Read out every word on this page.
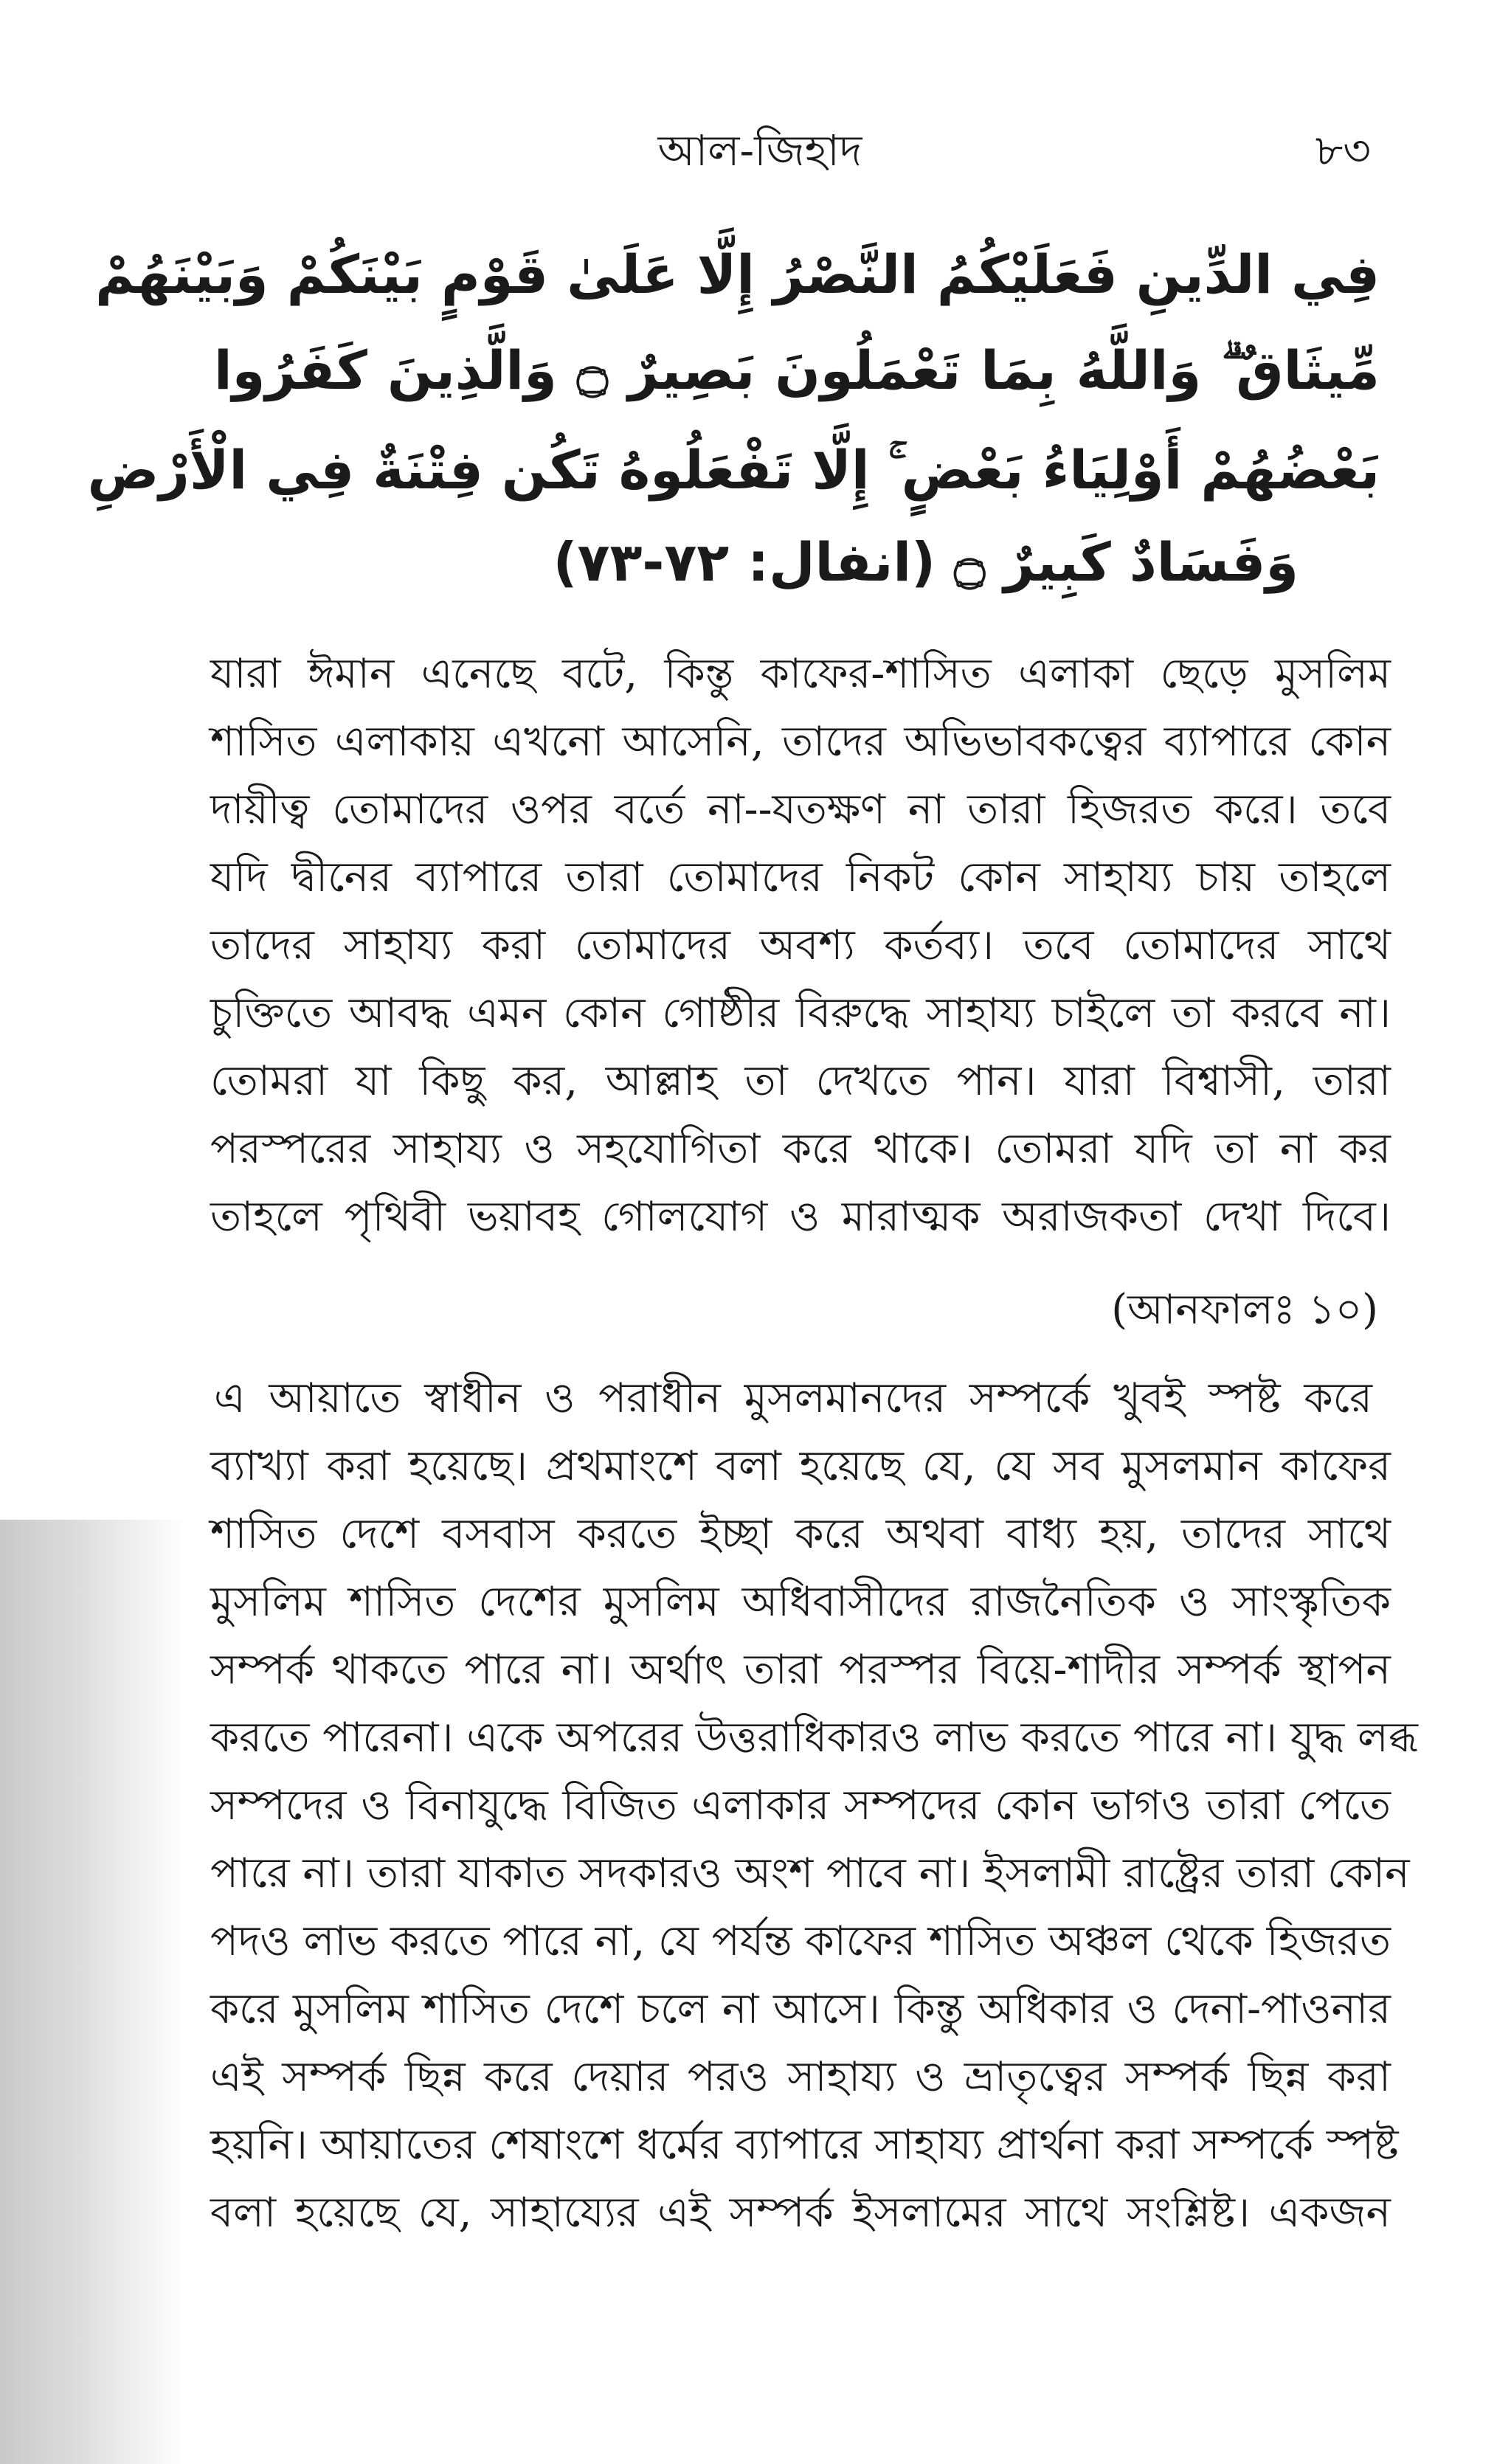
আল-জিহাদ	৮৩
فِي الدِّينِ فَعَلَيْكُمُ النَّصْرُ إِلَّا عَلَىٰ قَوْمٍ بَيْنَكُمْ وَبَيْنَهُمْ
مِّيثَاقٌ ۗ وَاللَّهُ بِمَا تَعْمَلُونَ بَصِيرٌ ۝ وَالَّذِينَ كَفَرُوا
بَعْضُهُمْ أَوْلِيَاءُ بَعْضٍ ۚ إِلَّا تَفْعَلُوهُ تَكُن فِتْنَةٌ فِي الْأَرْضِ
وَفَسَادٌ كَبِيرٌ ۝ (انفال: ٧٢-٧٣)
যারা ঈমান এনেছে বটে, কিন্তু কাফের-শাসিত এলাকা ছেড়ে মুসলিম
শাসিত এলাকায় এখনো আসেনি, তাদের অভিভাবকত্বের ব্যাপারে কোন
দায়ীত্ব তোমাদের ওপর বর্তে না--যতক্ষণ না তারা হিজরত করে। তবে
যদি দ্বীনের ব্যাপারে তারা তোমাদের নিকট কোন সাহায্য চায় তাহলে
তাদের সাহায্য করা তোমাদের অবশ্য কর্তব্য। তবে তোমাদের সাথে
চুক্তিতে আবদ্ধ এমন কোন গোষ্ঠীর বিরুদ্ধে সাহায্য চাইলে তা করবে না।
তোমরা যা কিছু কর, আল্লাহ তা দেখতে পান। যারা বিশ্বাসী, তারা
পরস্পরের সাহায্য ও সহযোগিতা করে থাকে। তোমরা যদি তা না কর
তাহলে পৃথিবী ভয়াবহ গোলযোগ ও মারাত্মক অরাজকতা দেখা দিবে।
(আনফালঃ ১০)
এ আয়াতে স্বাধীন ও পরাধীন মুসলমানদের সম্পর্কে খুবই স্পষ্ট করে
ব্যাখ্যা করা হয়েছে। প্রথমাংশে বলা হয়েছে যে, যে সব মুসলমান কাফের
শাসিত দেশে বসবাস করতে ইচ্ছা করে অথবা বাধ্য হয়, তাদের সাথে
মুসলিম শাসিত দেশের মুসলিম অধিবাসীদের রাজনৈতিক ও সাংস্কৃতিক
সম্পর্ক থাকতে পারে না। অর্থাৎ তারা পরস্পর বিয়ে-শাদীর সম্পর্ক স্থাপন
করতে পারেনা। একে অপরের উত্তরাধিকারও লাভ করতে পারে না। যুদ্ধ লব্ধ
সম্পদের ও বিনাযুদ্ধে বিজিত এলাকার সম্পদের কোন ভাগও তারা পেতে
পারে না। তারা যাকাত সদকারও অংশ পাবে না। ইসলামী রাষ্ট্রের তারা কোন
পদও লাভ করতে পারে না, যে পর্যন্ত কাফের শাসিত অঞ্চল থেকে হিজরত
করে মুসলিম শাসিত দেশে চলে না আসে। কিন্তু অধিকার ও দেনা-পাওনার
এই সম্পর্ক ছিন্ন করে দেয়ার পরও সাহায্য ও ভ্রাতৃত্বের সম্পর্ক ছিন্ন করা
হয়নি। আয়াতের শেষাংশে ধর্মের ব্যাপারে সাহায্য প্রার্থনা করা সম্পর্কে স্পষ্ট
বলা হয়েছে যে, সাহায্যের এই সম্পর্ক ইসলামের সাথে সংশ্লিষ্ট। একজন
